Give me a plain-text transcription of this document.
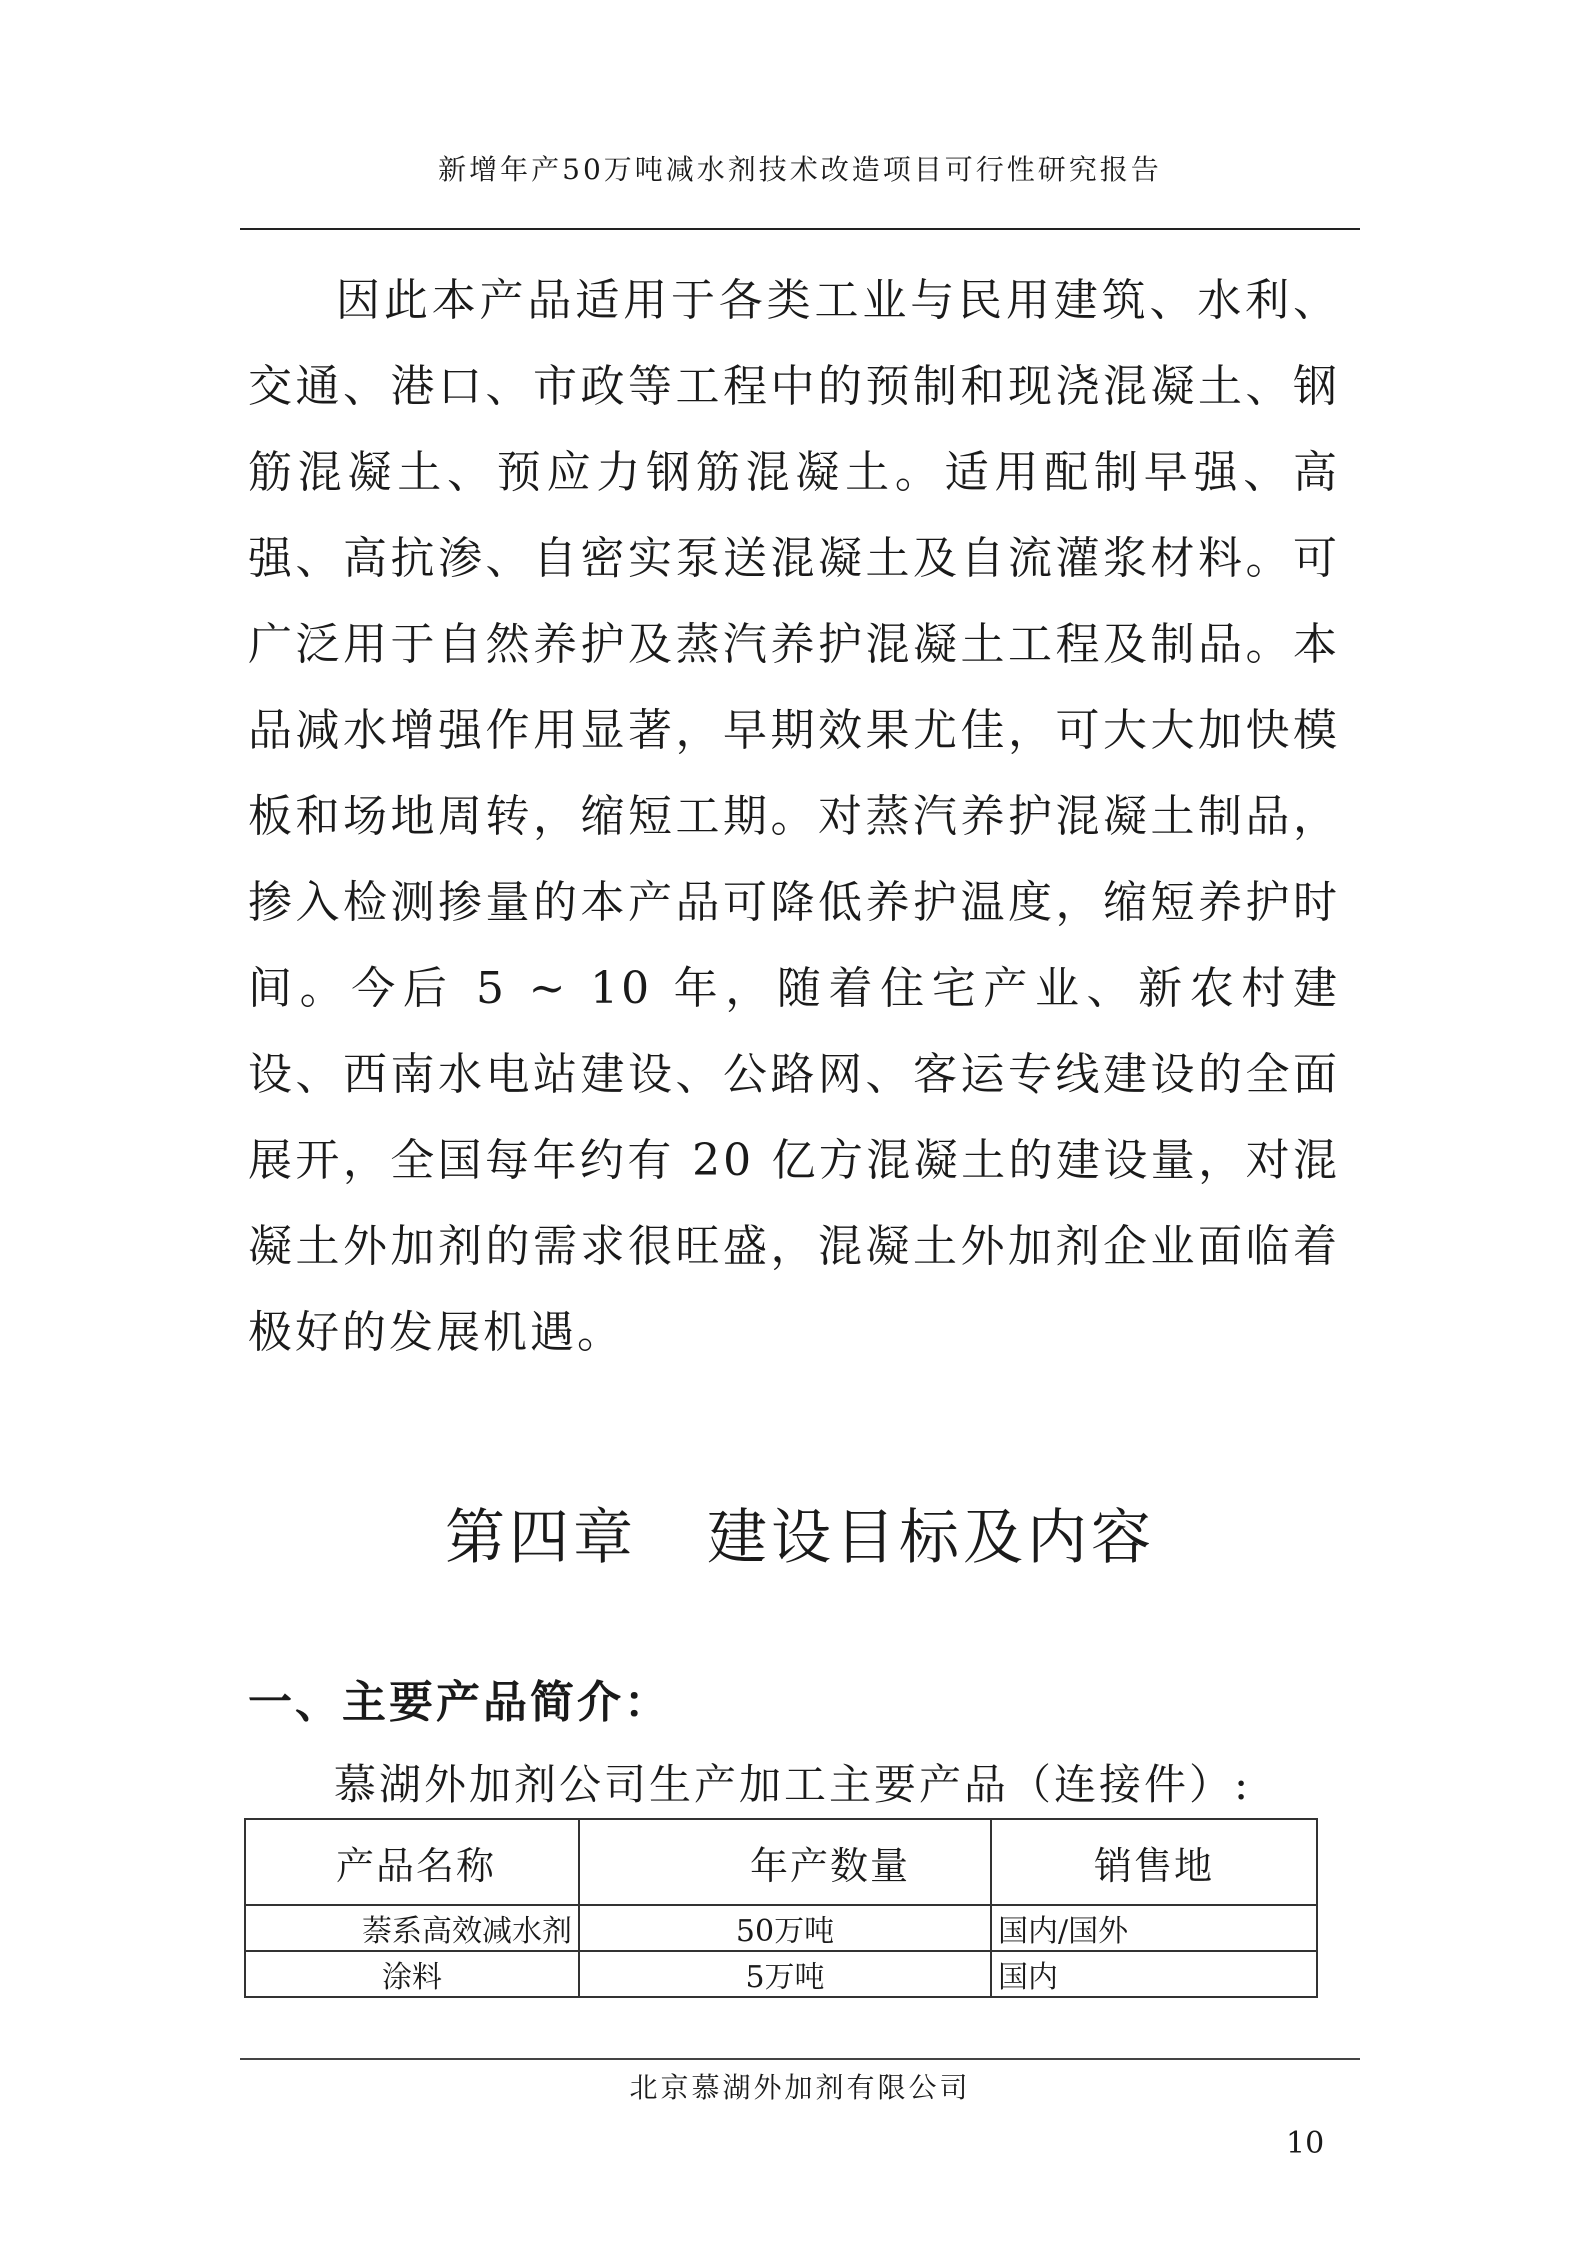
新增年产50万吨减水剂技术改造项目可行性研究报告

因此本产品适用于各类工业与民用建筑、水利、交通、港口、市政等工程中的预制和现浇混凝土、钢筋混凝土、预应力钢筋混凝土。适用配制早强、高强、高抗渗、自密实泵送混凝土及自流灌浆材料。可广泛用于自然养护及蒸汽养护混凝土工程及制品。本品减水增强作用显著，早期效果尤佳，可大大加快模板和场地周转，缩短工期。对蒸汽养护混凝土制品，掺入检测掺量的本产品可降低养护温度，缩短养护时间。今后 5 ~ 10 年，随着住宅产业、新农村建设、西南水电站建设、公路网、客运专线建设的全面展开，全国每年约有 20 亿方混凝土的建设量，对混凝土外加剂的需求很旺盛，混凝土外加剂企业面临着极好的发展机遇。

第四章 建设目标及内容
一、主要产品简介：
慕湖外加剂公司生产加工主要产品（连接件）:
产品名称	年产数量	销售地
萘系高效减水剂	50万吨	国内/国外
涂料	5万吨	国内
北京慕湖外加剂有限公司
10
